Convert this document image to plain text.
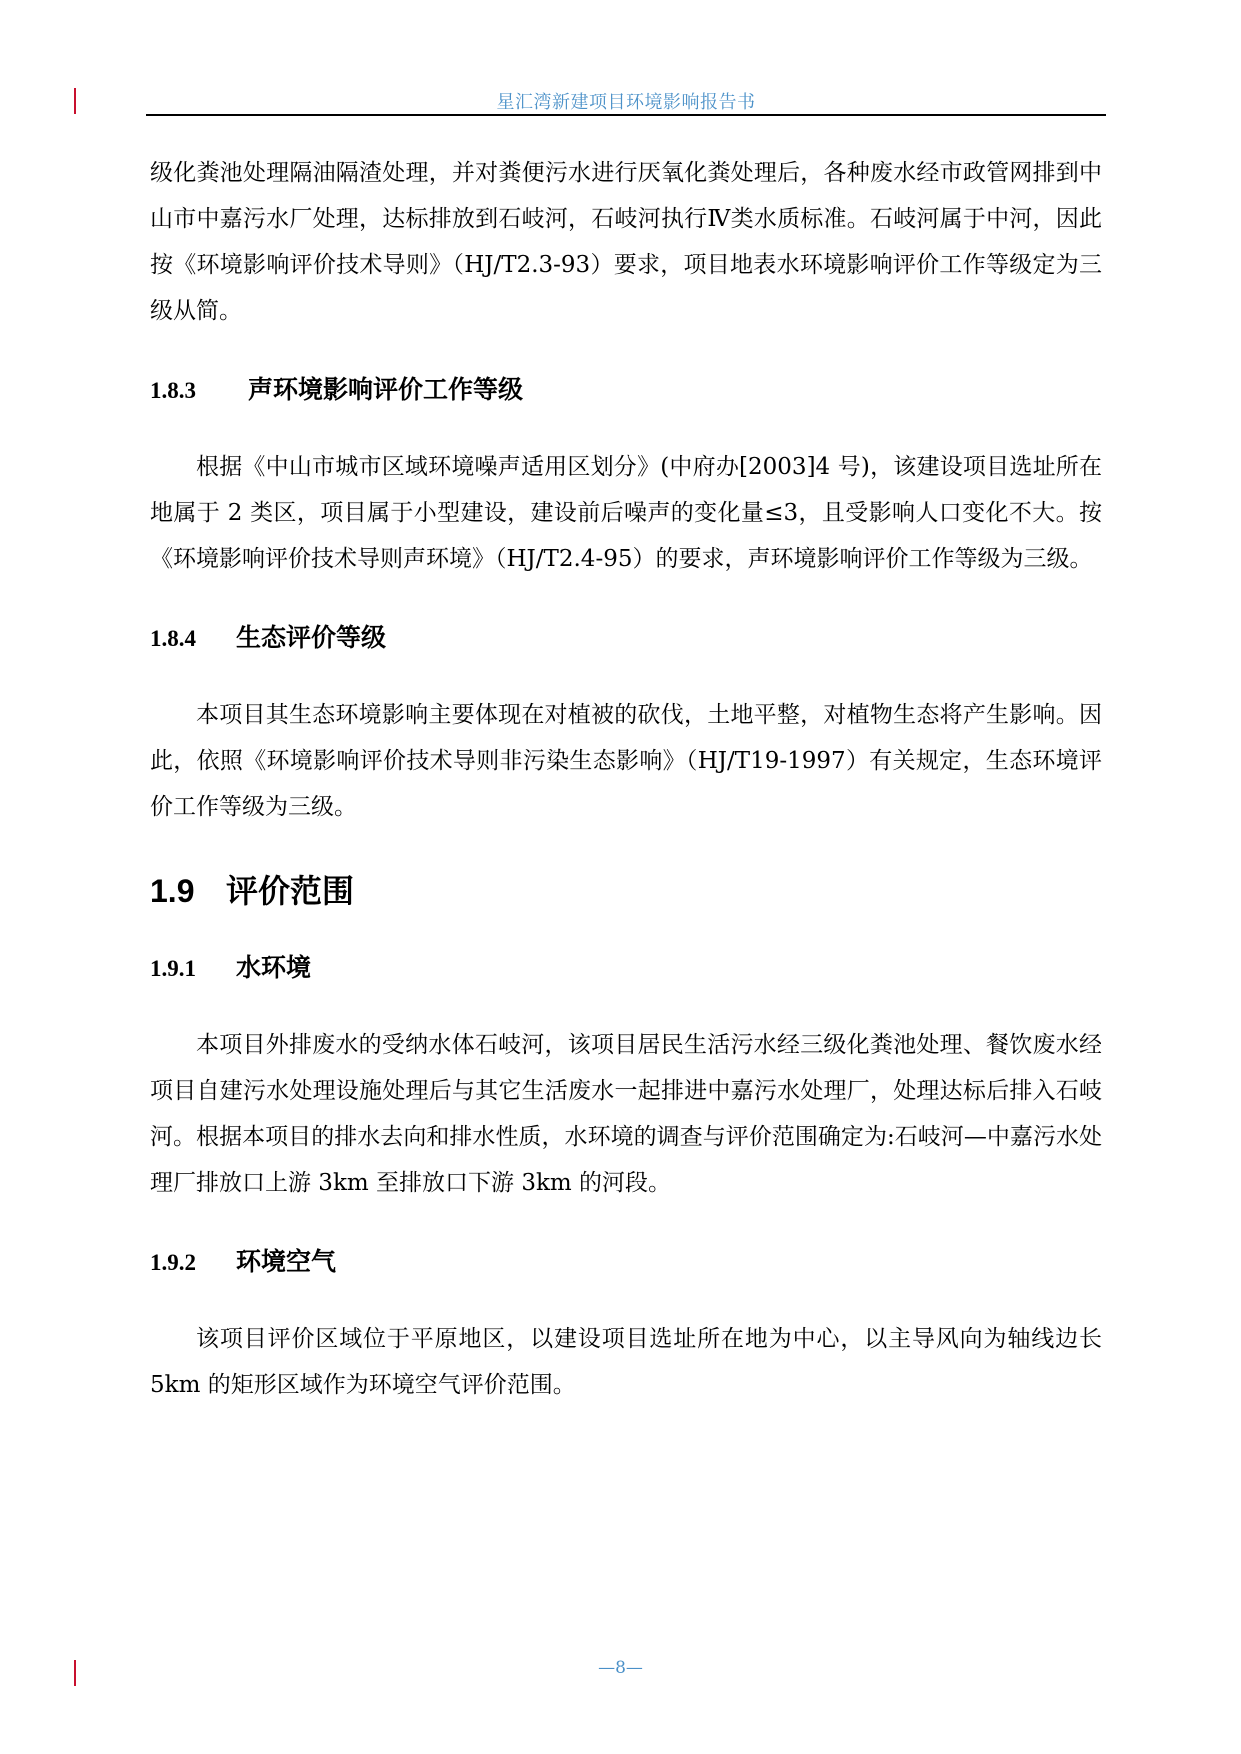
星汇湾新建项目环境影响报告书

级化粪池处理隔油隔渣处理，并对粪便污水进行厌氧化粪处理后，各种废水经市政管网排到中山市中嘉污水厂处理，达标排放到石岐河，石岐河执行Ⅳ类水质标准。石岐河属于中河，因此按《环境影响评价技术导则》（HJ/T2.3-93）要求，项目地表水环境影响评价工作等级定为三级从简。

1.8.3	声环境影响评价工作等级

根据《中山市城市区域环境噪声适用区划分》(中府办[2003]4 号)，该建设项目选址所在地属于 2 类区，项目属于小型建设，建设前后噪声的变化量≤3，且受影响人口变化不大。按《环境影响评价技术导则声环境》（HJ/T2.4-95）的要求，声环境影响评价工作等级为三级。

1.8.4	生态评价等级

本项目其生态环境影响主要体现在对植被的砍伐，土地平整，对植物生态将产生影响。因此，依照《环境影响评价技术导则非污染生态影响》（HJ/T19-1997）有关规定，生态环境评价工作等级为三级。

1.9 评价范围
1.9.1	水环境

本项目外排废水的受纳水体石岐河，该项目居民生活污水经三级化粪池处理、餐饮废水经项目自建污水处理设施处理后与其它生活废水一起排进中嘉污水处理厂，处理达标后排入石岐河。根据本项目的排水去向和排水性质，水环境的调查与评价范围确定为:石岐河—中嘉污水处理厂排放口上游 3km 至排放口下游 3km 的河段。

1.9.2	环境空气

该项目评价区域位于平原地区，以建设项目选址所在地为中心，以主导风向为轴线边长 5km 的矩形区域作为环境空气评价范围。

—8—
